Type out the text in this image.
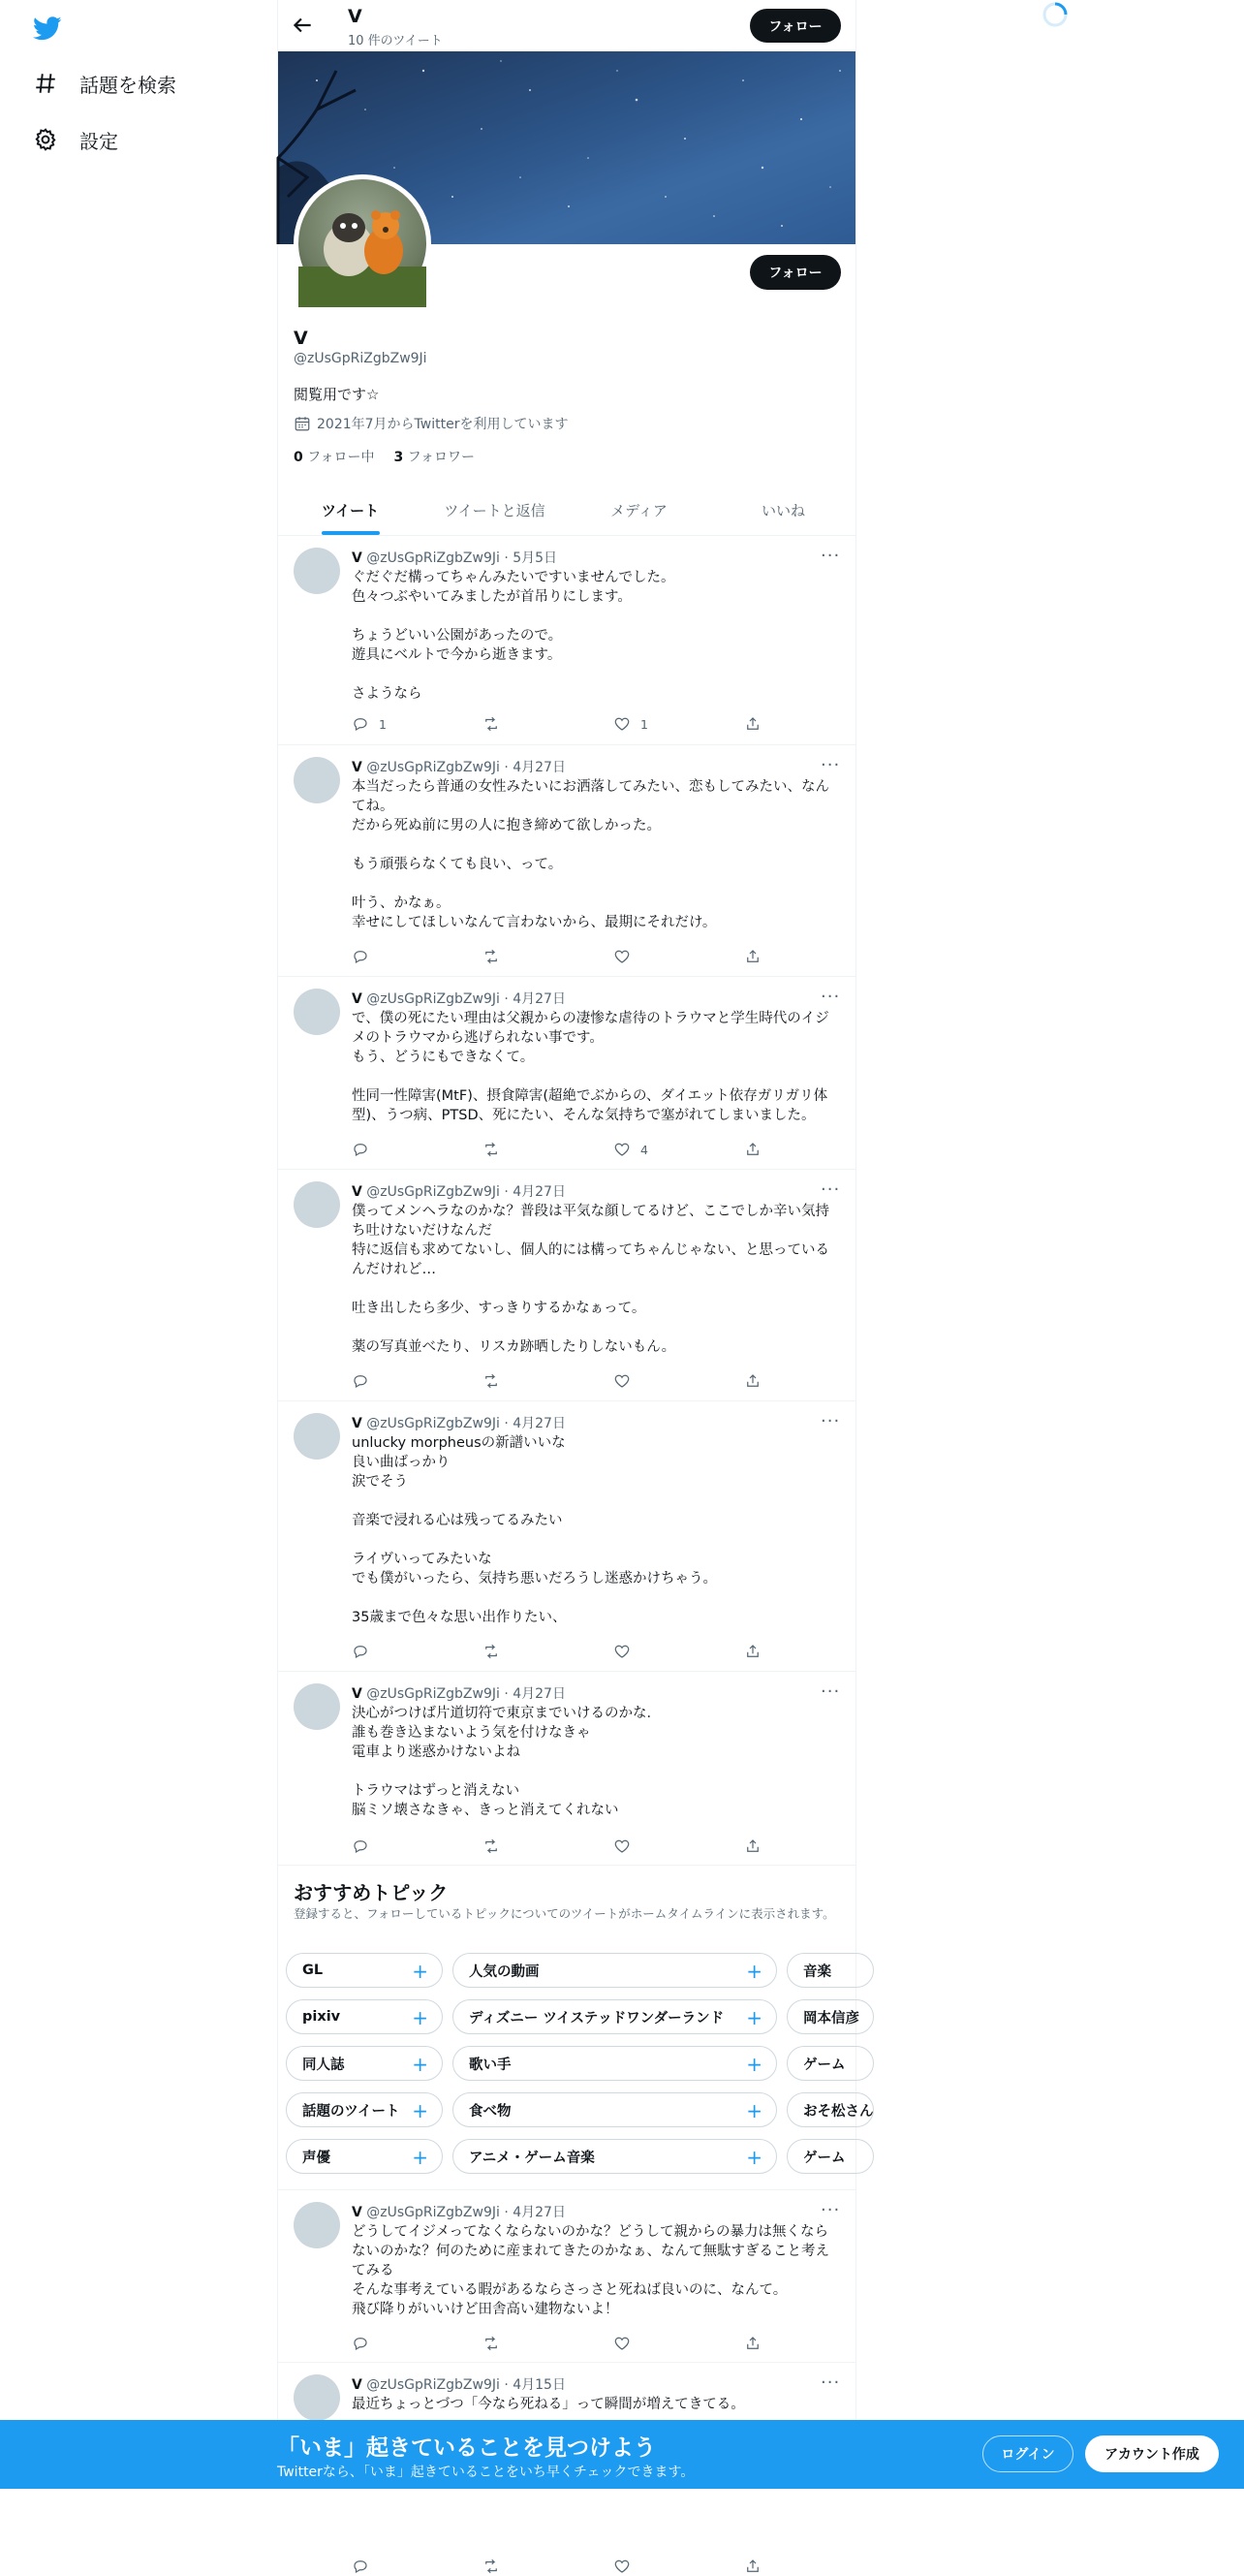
話題を検索
設定
V
10 件のツイート
フォロー
フォロー
V
@zUsGpRiZgbZw9Ji
閲覧用です☆
2021年7月からTwitterを利用しています
0 フォロー中 3 フォロワー
ツイート	ツイートと返信	メディア	いいね
V @zUsGpRiZgbZw9Ji · 5月5日	···
ぐだぐだ構ってちゃんみたいですいませんでした。
色々つぶやいてみましたが首吊りにします。

ちょうどいい公園があったので。
遊具にベルトで今から逝きます。

さようなら
1	1
V @zUsGpRiZgbZw9Ji · 4月27日	···
本当だったら普通の女性みたいにお洒落してみたい、恋もしてみたい、なんてね。
だから死ぬ前に男の人に抱き締めて欲しかった。

もう頑張らなくても良い、って。

叶う、かなぁ。
幸せにしてほしいなんて言わないから、最期にそれだけ。
V @zUsGpRiZgbZw9Ji · 4月27日	···
で、僕の死にたい理由は父親からの凄惨な虐待のトラウマと学生時代のイジメのトラウマから逃げられない事です。
もう、どうにもできなくて。

性同一性障害(MtF)、摂食障害(超絶でぶからの、ダイエット依存ガリガリ体型)、うつ病、PTSD、死にたい、そんな気持ちで塞がれてしまいました。
4
V @zUsGpRiZgbZw9Ji · 4月27日	···
僕ってメンヘラなのかな？普段は平気な顔してるけど、ここでしか辛い気持ち吐けないだけなんだ
特に返信も求めてないし、個人的には構ってちゃんじゃない、と思っているんだけれど…

吐き出したら多少、すっきりするかなぁって。

薬の写真並べたり、リスカ跡晒したりしないもん。
V @zUsGpRiZgbZw9Ji · 4月27日	···
unlucky morpheusの新譜いいな
良い曲ばっかり
涙でそう

音楽で浸れる心は残ってるみたい

ライヴいってみたいな
でも僕がいったら、気持ち悪いだろうし迷惑かけちゃう。

35歳まで色々な思い出作りたい、
V @zUsGpRiZgbZw9Ji · 4月27日	···
決心がつけば片道切符で東京までいけるのかな．
誰も巻き込まないよう気を付けなきゃ
電車より迷惑かけないよね

トラウマはずっと消えない
脳ミソ壊さなきゃ、きっと消えてくれない
V @zUsGpRiZgbZw9Ji · 4月27日	···
どうしてイジメってなくならないのかな？どうして親からの暴力は無くならないのかな？何のために産まれてきたのかなぁ、なんて無駄すぎること考えてみる
そんな事考えている暇があるならさっさと死ねば良いのに、なんて。
飛び降りがいいけど田舎高い建物ないよ！
V @zUsGpRiZgbZw9Ji · 4月15日	···
最近ちょっとづつ「今なら死ねる」って瞬間が増えてきてる。
おすすめトピック
登録すると、フォローしているトピックについてのツイートがホームタイムラインに表示されます。
GL	+	人気の動画	+	音楽
pixiv	+	ディズニー ツイステッドワンダーランド +	岡本信彦
同人誌	+	歌い手	+	ゲーム
話題のツイート +	食べ物	+	おそ松さん
声優	+	アニメ・ゲーム音楽	+	ゲーム
「いま」起きていることを見つけよう
Twitterなら、「いま」起きていることをいち早くチェックできます。
ログイン	アカウント作成
